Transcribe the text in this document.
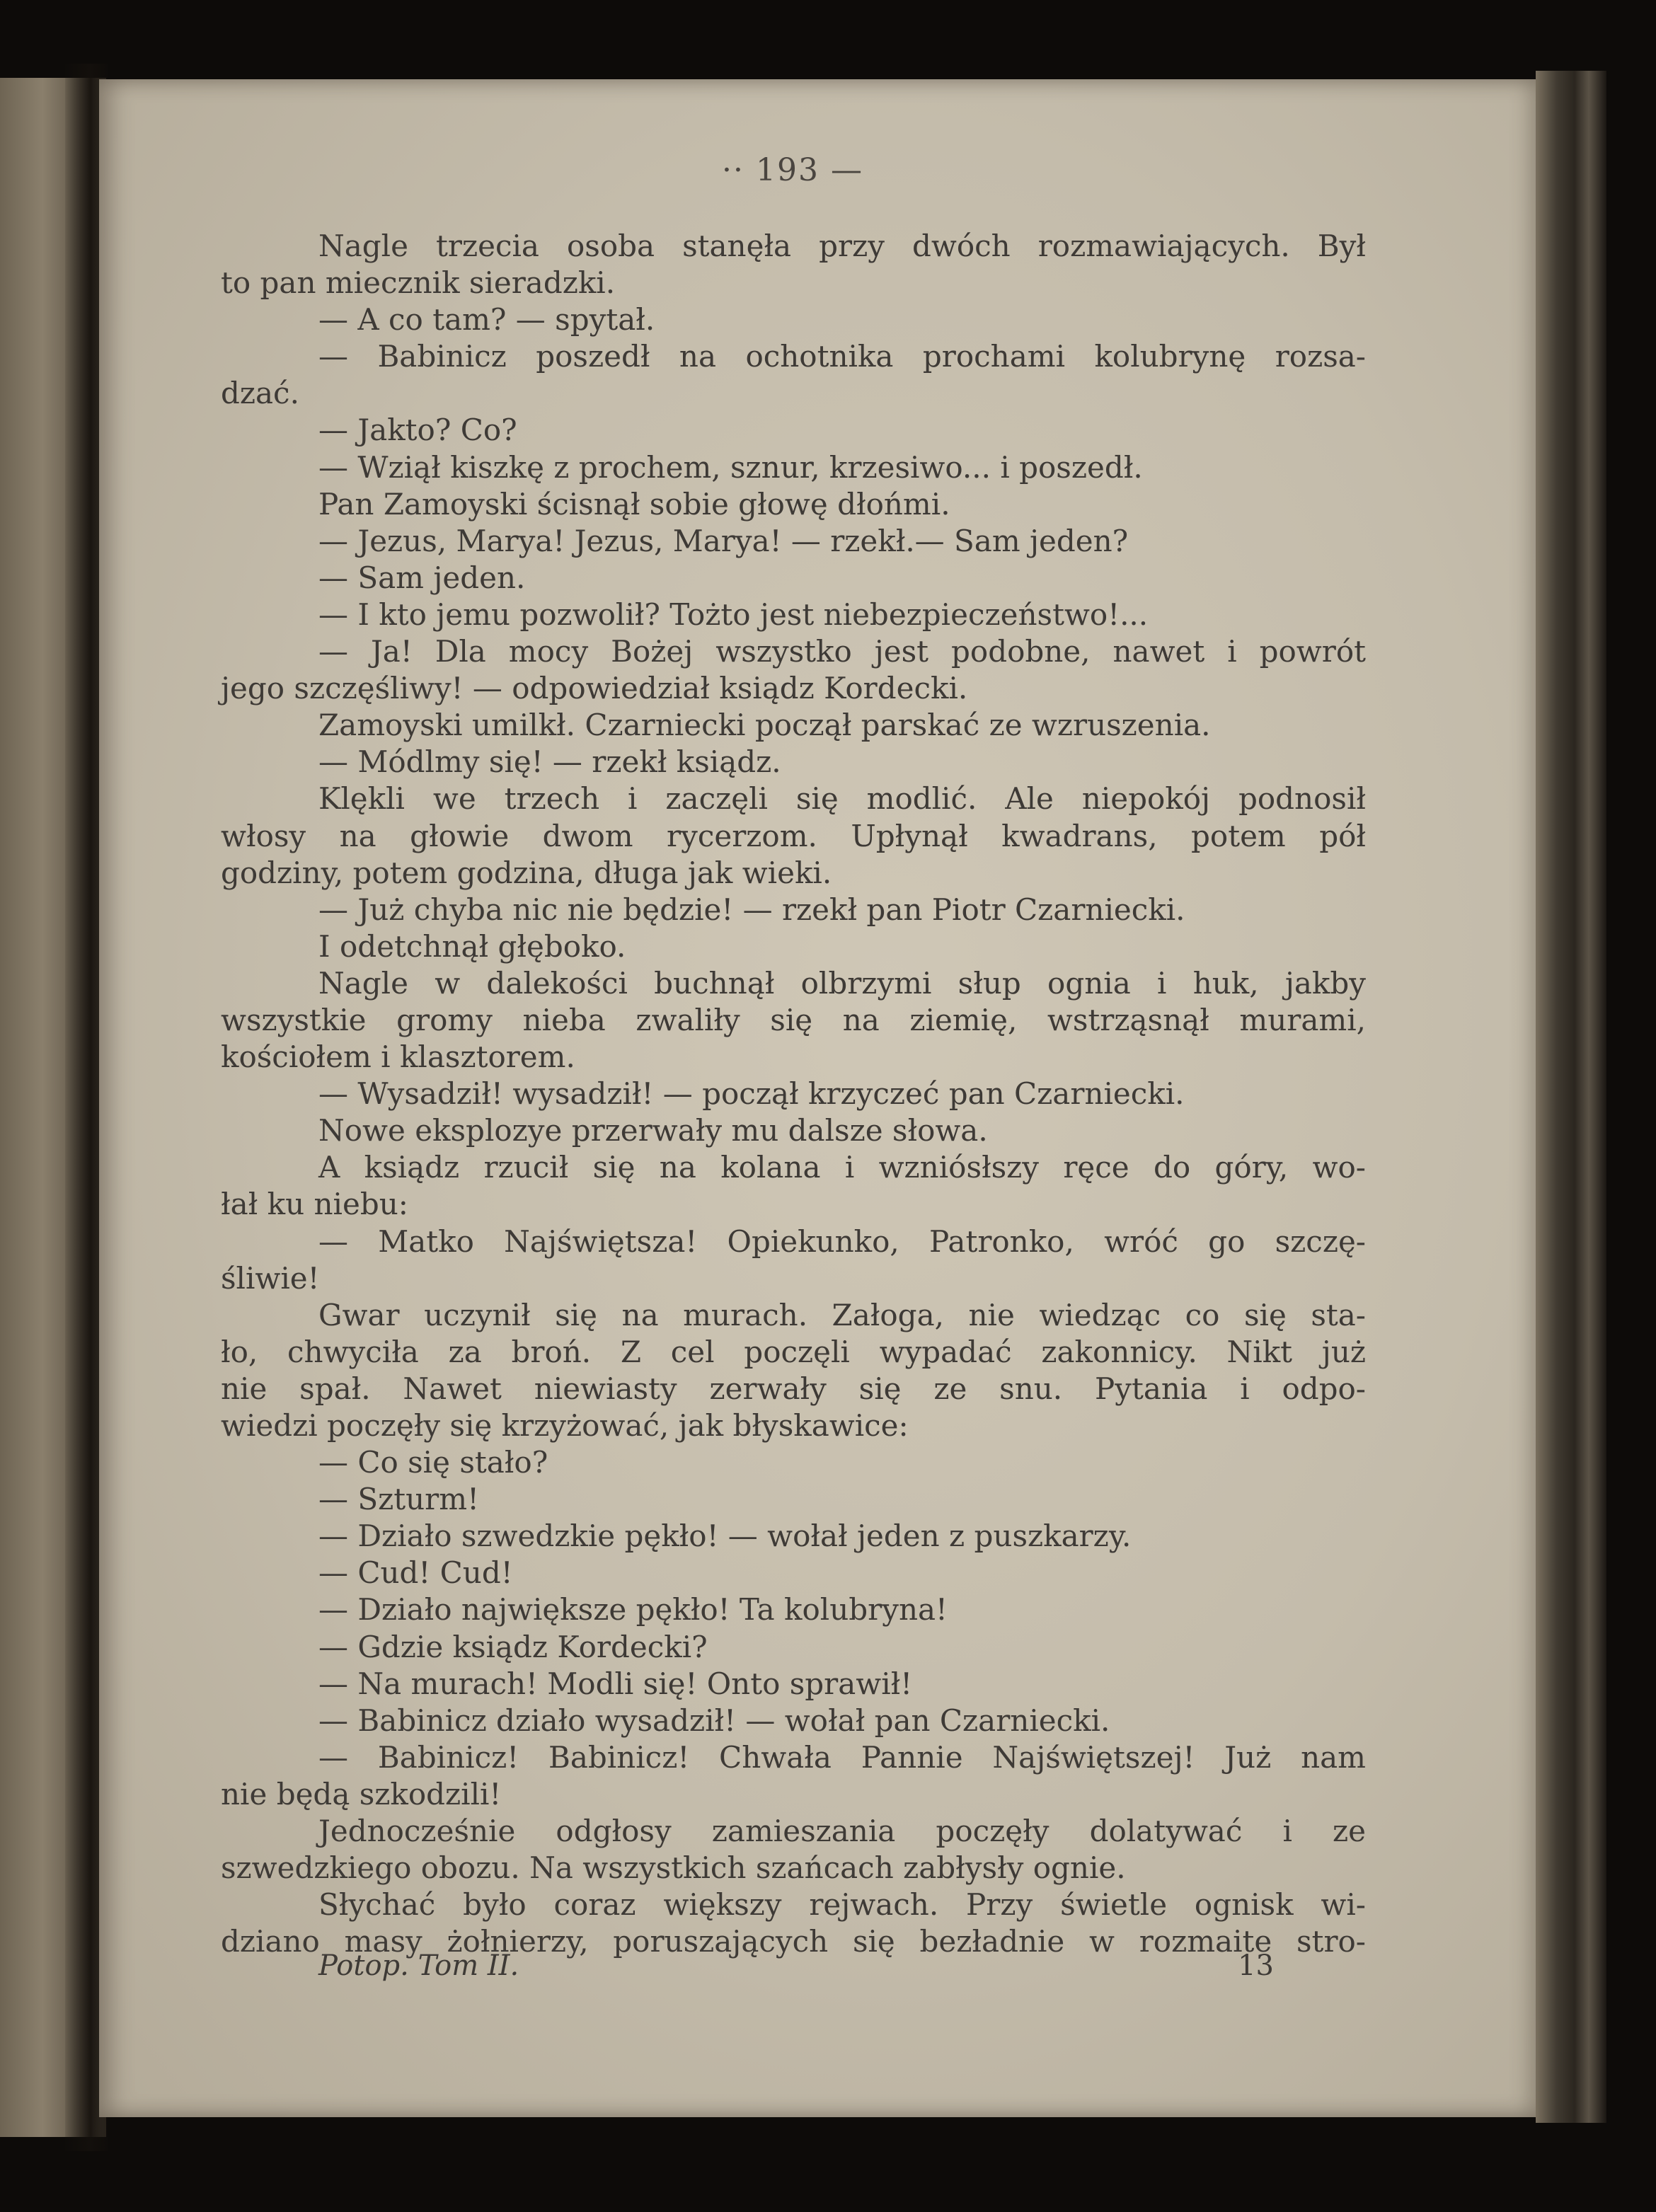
·· 193 —
Nagle trzecia osoba stanęła przy dwóch rozmawiających. Był
to pan miecznik sieradzki.
— A co tam? — spytał.
— Babinicz poszedł na ochotnika prochami kolubrynę rozsa-
dzać.
— Jakto? Co?
— Wziął kiszkę z prochem, sznur, krzesiwo... i poszedł.
Pan Zamoyski ścisnął sobie głowę dłońmi.
— Jezus, Marya! Jezus, Marya! — rzekł.— Sam jeden?
— Sam jeden.
— I kto jemu pozwolił? Tożto jest niebezpieczeństwo!...
— Ja! Dla mocy Bożej wszystko jest podobne, nawet i powrót
jego szczęśliwy! — odpowiedział ksiądz Kordecki.
Zamoyski umilkł. Czarniecki począł parskać ze wzruszenia.
— Módlmy się! — rzekł ksiądz.
Klękli we trzech i zaczęli się modlić. Ale niepokój podnosił
włosy na głowie dwom rycerzom. Upłynął kwadrans, potem pół
godziny, potem godzina, długa jak wieki.
— Już chyba nic nie będzie! — rzekł pan Piotr Czarniecki.
I odetchnął głęboko.
Nagle w dalekości buchnął olbrzymi słup ognia i huk, jakby
wszystkie gromy nieba zwaliły się na ziemię, wstrząsnął murami,
kościołem i klasztorem.
— Wysadził! wysadził! — począł krzyczeć pan Czarniecki.
Nowe eksplozye przerwały mu dalsze słowa.
A ksiądz rzucił się na kolana i wzniósłszy ręce do góry, wo-
łał ku niebu:
— Matko Najświętsza! Opiekunko, Patronko, wróć go szczę-
śliwie!
Gwar uczynił się na murach. Załoga, nie wiedząc co się sta-
ło, chwyciła za broń. Z cel poczęli wypadać zakonnicy. Nikt już
nie spał. Nawet niewiasty zerwały się ze snu. Pytania i odpo-
wiedzi poczęły się krzyżować, jak błyskawice:
— Co się stało?
— Szturm!
— Działo szwedzkie pękło! — wołał jeden z puszkarzy.
— Cud! Cud!
— Działo największe pękło! Ta kolubryna!
— Gdzie ksiądz Kordecki?
— Na murach! Modli się! Onto sprawił!
— Babinicz działo wysadził! — wołał pan Czarniecki.
— Babinicz! Babinicz! Chwała Pannie Najświętszej! Już nam
nie będą szkodzili!
Jednocześnie odgłosy zamieszania poczęły dolatywać i ze
szwedzkiego obozu. Na wszystkich szańcach zabłysły ognie.
Słychać było coraz większy rejwach. Przy świetle ognisk wi-
dziano masy żołnierzy, poruszających się bezładnie w rozmaite stro-
Potop. Tom II.	13
